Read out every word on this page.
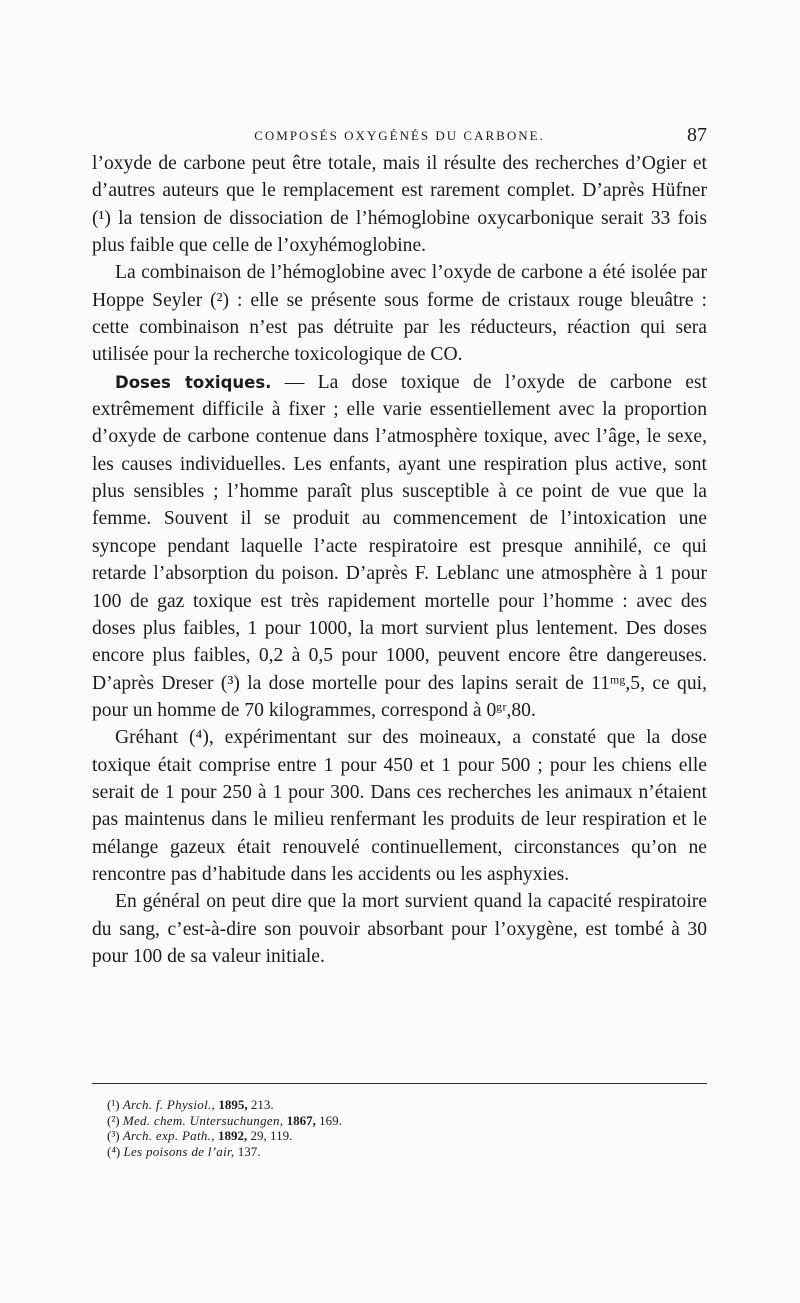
COMPOSÉS OXYGÉNÉS DU CARBONE.	87

l’oxyde de carbone peut être totale, mais il résulte des recherches d’Ogier et d’autres auteurs que le remplacement est rarement complet. D’après Hüfner (¹) la tension de dissociation de l’hémoglobine oxycarbonique serait 33 fois plus faible que celle de l’oxyhémoglobine.

La combinaison de l’hémoglobine avec l’oxyde de carbone a été isolée par Hoppe Seyler (²) : elle se présente sous forme de cristaux rouge bleuâtre : cette combinaison n’est pas détruite par les réducteurs, réaction qui sera utilisée pour la recherche toxicologique de CO.

Doses toxiques. — La dose toxique de l’oxyde de carbone est extrêmement difficile à fixer ; elle varie essentiellement avec la proportion d’oxyde de carbone contenue dans l’atmosphère toxique, avec l’âge, le sexe, les causes individuelles. Les enfants, ayant une respiration plus active, sont plus sensibles ; l’homme paraît plus susceptible à ce point de vue que la femme. Souvent il se produit au commencement de l’intoxication une syncope pendant laquelle l’acte respiratoire est presque annihilé, ce qui retarde l’absorption du poison. D’après F. Leblanc une atmosphère à 1 pour 100 de gaz toxique est très rapidement mortelle pour l’homme : avec des doses plus faibles, 1 pour 1000, la mort survient plus lentement. Des doses encore plus faibles, 0,2 à 0,5 pour 1000, peuvent encore être dangereuses. D’après Dreser (³) la dose mortelle pour des lapins serait de 11ᵐᵍ,5, ce qui, pour un homme de 70 kilogrammes, correspond à 0ᵍʳ,80.

Gréhant (⁴), expérimentant sur des moineaux, a constaté que la dose toxique était comprise entre 1 pour 450 et 1 pour 500 ; pour les chiens elle serait de 1 pour 250 à 1 pour 300. Dans ces recherches les animaux n’étaient pas maintenus dans le milieu renfermant les produits de leur respiration et le mélange gazeux était renouvelé continuellement, circonstances qu’on ne rencontre pas d’habitude dans les accidents ou les asphyxies.

En général on peut dire que la mort survient quand la capacité respiratoire du sang, c’est-à-dire son pouvoir absorbant pour l’oxygène, est tombé à 30 pour 100 de sa valeur initiale.

(¹) Arch. f. Physiol., 1895, 213.
(²) Med. chem. Untersuchungen, 1867, 169.
(³) Arch. exp. Path., 1892, 29, 119.
(⁴) Les poisons de l’air, 137.
